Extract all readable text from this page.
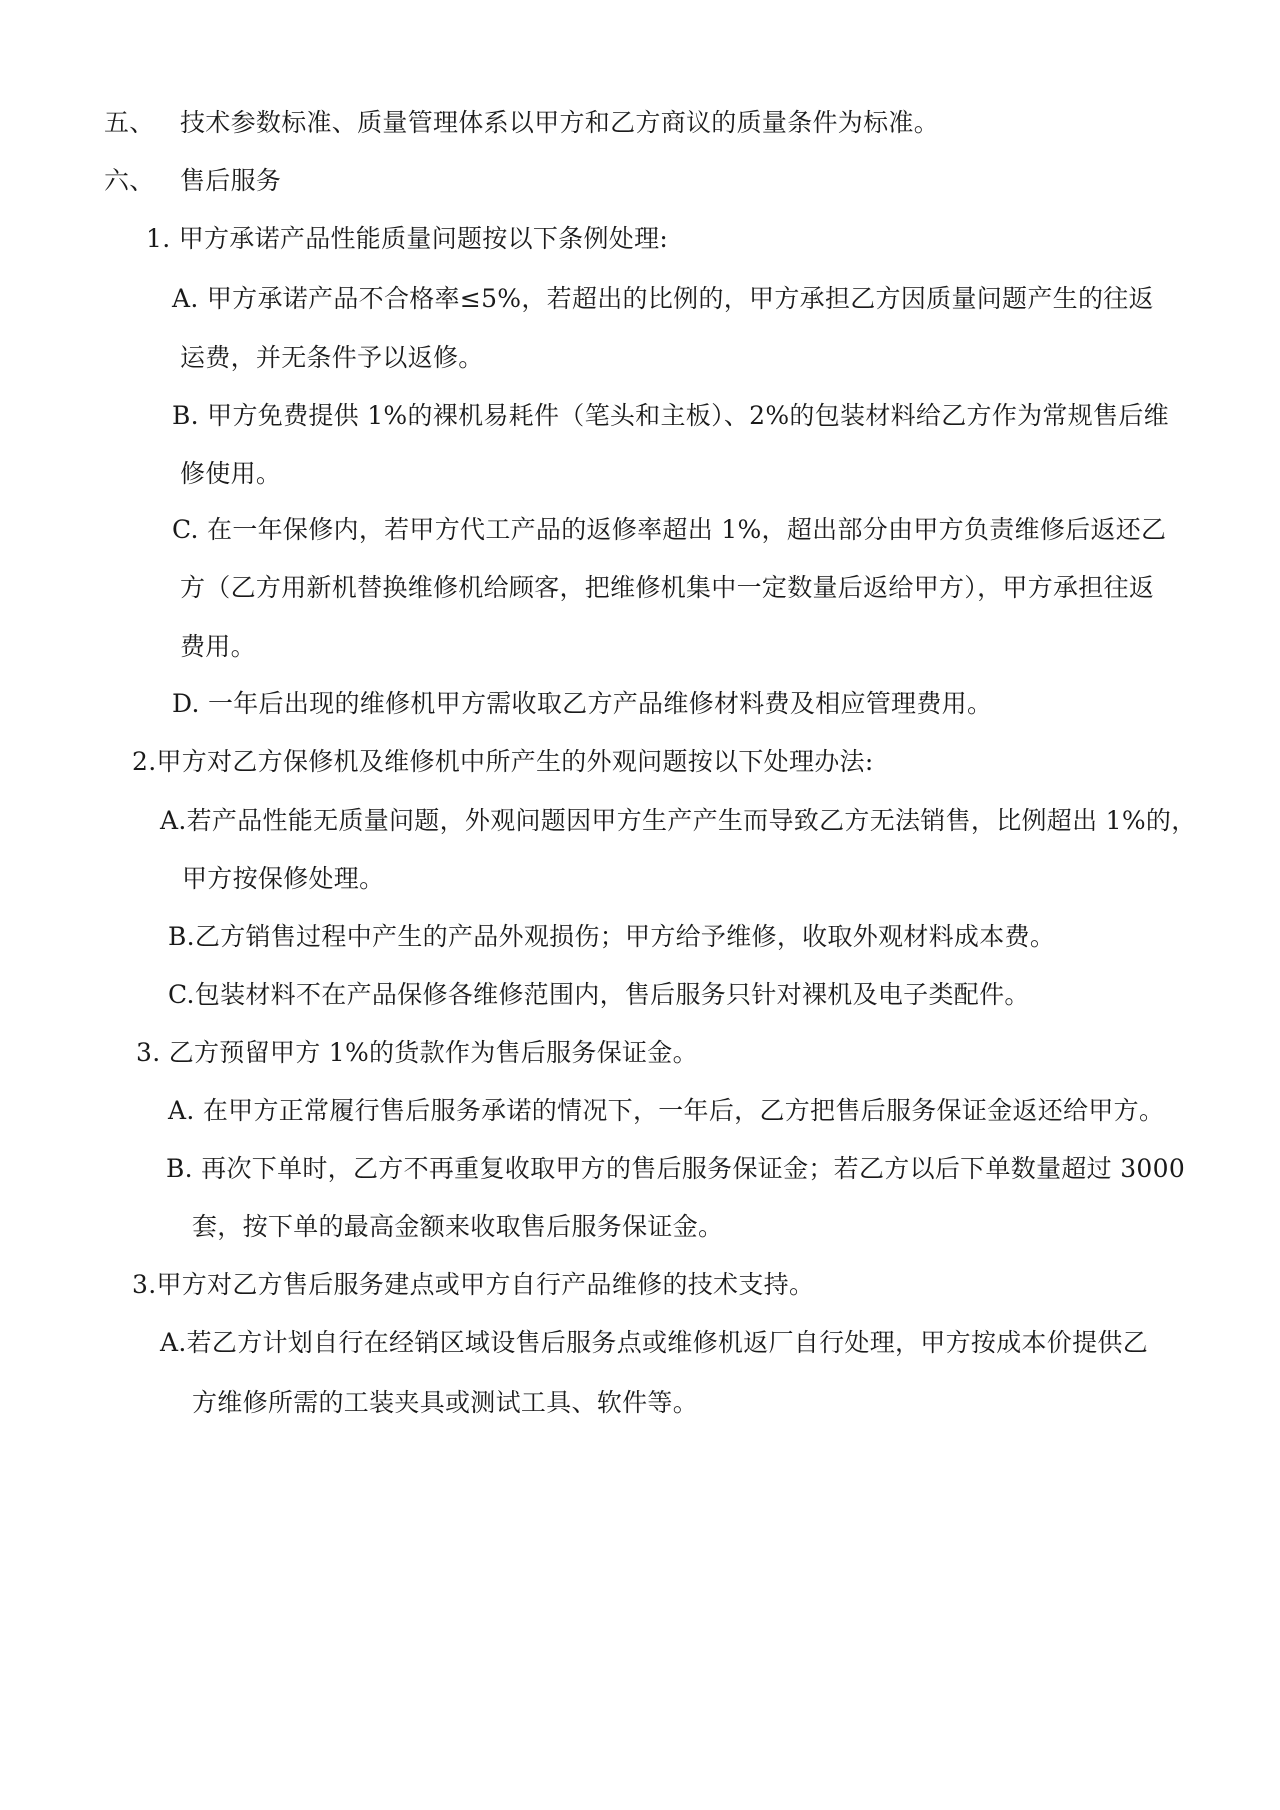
五、 技术参数标准、质量管理体系以甲方和乙方商议的质量条件为标准。
六、 售后服务
1. 甲方承诺产品性能质量问题按以下条例处理:
A. 甲方承诺产品不合格率≤5%，若超出的比例的，甲方承担乙方因质量问题产生的往返
运费，并无条件予以返修。
B. 甲方免费提供 1%的裸机易耗件（笔头和主板）、2%的包装材料给乙方作为常规售后维
修使用。
C. 在一年保修内，若甲方代工产品的返修率超出 1%，超出部分由甲方负责维修后返还乙
方（乙方用新机替换维修机给顾客，把维修机集中一定数量后返给甲方），甲方承担往返
费用。
D. 一年后出现的维修机甲方需收取乙方产品维修材料费及相应管理费用。
2.甲方对乙方保修机及维修机中所产生的外观问题按以下处理办法:
A.若产品性能无质量问题，外观问题因甲方生产产生而导致乙方无法销售，比例超出 1%的，
甲方按保修处理。
B.乙方销售过程中产生的产品外观损伤；甲方给予维修，收取外观材料成本费。
C.包装材料不在产品保修各维修范围内，售后服务只针对裸机及电子类配件。
3. 乙方预留甲方 1%的货款作为售后服务保证金。
A. 在甲方正常履行售后服务承诺的情况下，一年后，乙方把售后服务保证金返还给甲方。
B. 再次下单时，乙方不再重复收取甲方的售后服务保证金；若乙方以后下单数量超过 3000
套，按下单的最高金额来收取售后服务保证金。
3.甲方对乙方售后服务建点或甲方自行产品维修的技术支持。
A.若乙方计划自行在经销区域设售后服务点或维修机返厂自行处理，甲方按成本价提供乙
方维修所需的工装夹具或测试工具、软件等。
